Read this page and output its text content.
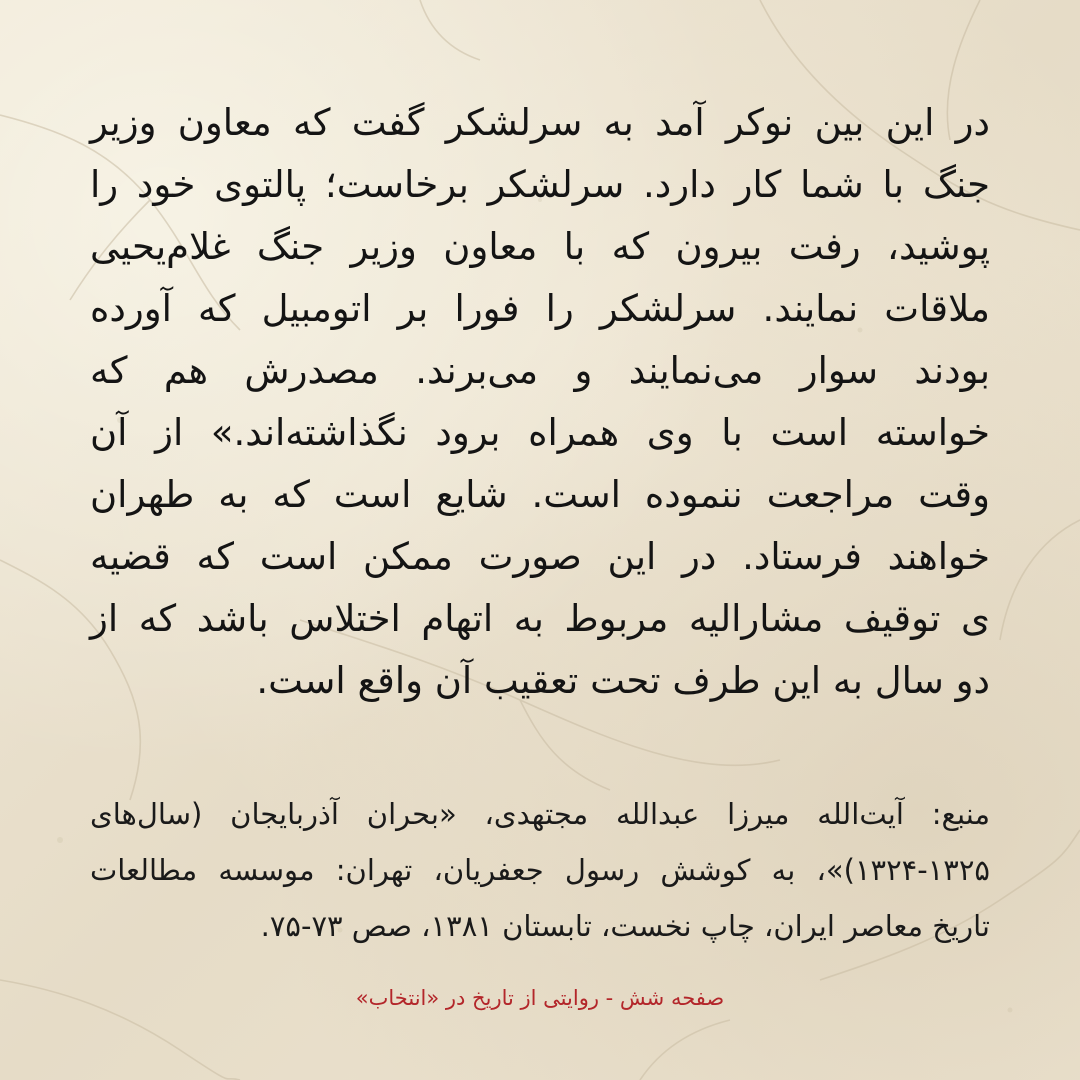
در این بین نوکر آمد به سرلشکر گفت که معاون وزیر
جنگ با شما کار دارد. سرلشکر برخاست؛ پالتوی خود را
پوشید، رفت بیرون که با معاون وزیر جنگ غلام‌یحیی
ملاقات نمایند. سرلشکر را فورا بر اتومبیل که آورده
بودند سوار می‌نمایند و می‌برند. مصدرش هم که
خواسته است با وی همراه برود نگذاشته‌اند.» از آن
وقت مراجعت ننموده است. شایع است که به طهران
خواهند فرستاد. در این صورت ممکن است که قضیه
ی توقیف مشارالیه مربوط به اتهام اختلاس باشد که از
دو سال به این طرف تحت تعقیب آن واقع است.
منبع: آیت‌الله میرزا عبدالله مجتهدی، «بحران آذربایجان (سال‌های
۱۳۲۴-۱۳۲۵)»، به کوشش رسول جعفریان، تهران: موسسه مطالعات
تاریخ معاصر ایران، چاپ نخست، تابستان ۱۳۸۱، صص ۷۳-۷۵.
صفحه شش - روایتی از تاریخ در «انتخاب»
